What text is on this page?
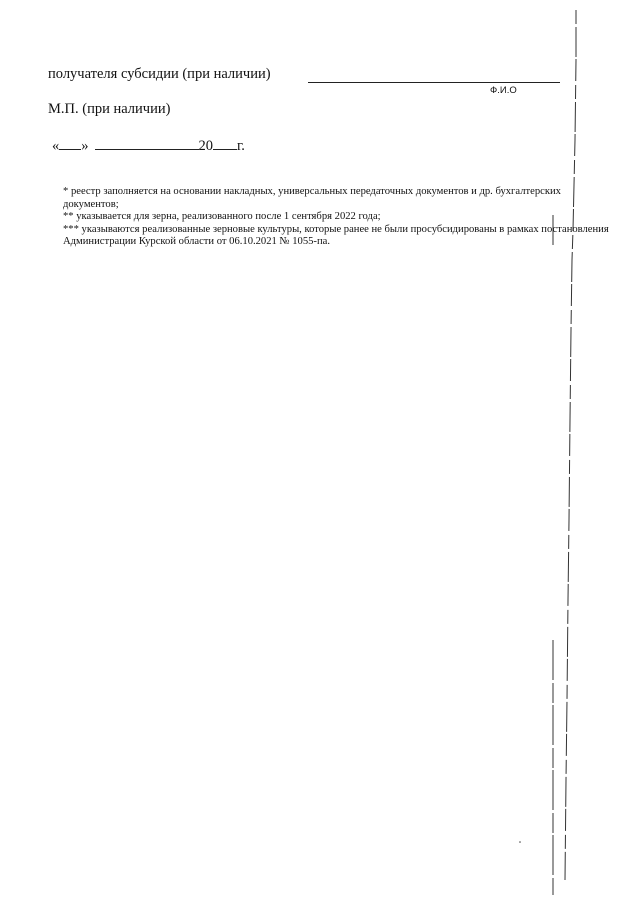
получателя субсидии (при наличии)
Ф.И.О
М.П. (при наличии)
« »	20 г.
* реестр заполняется на основании накладных, универсальных передаточных документов и др. бухгалтерских документов;
** указывается для зерна, реализованного после 1 сентября 2022 года;
*** указываются реализованные зерновые культуры, которые ранее не были просубсидированы в рамках постановления Администрации Курской области от 06.10.2021 № 1055-па.
